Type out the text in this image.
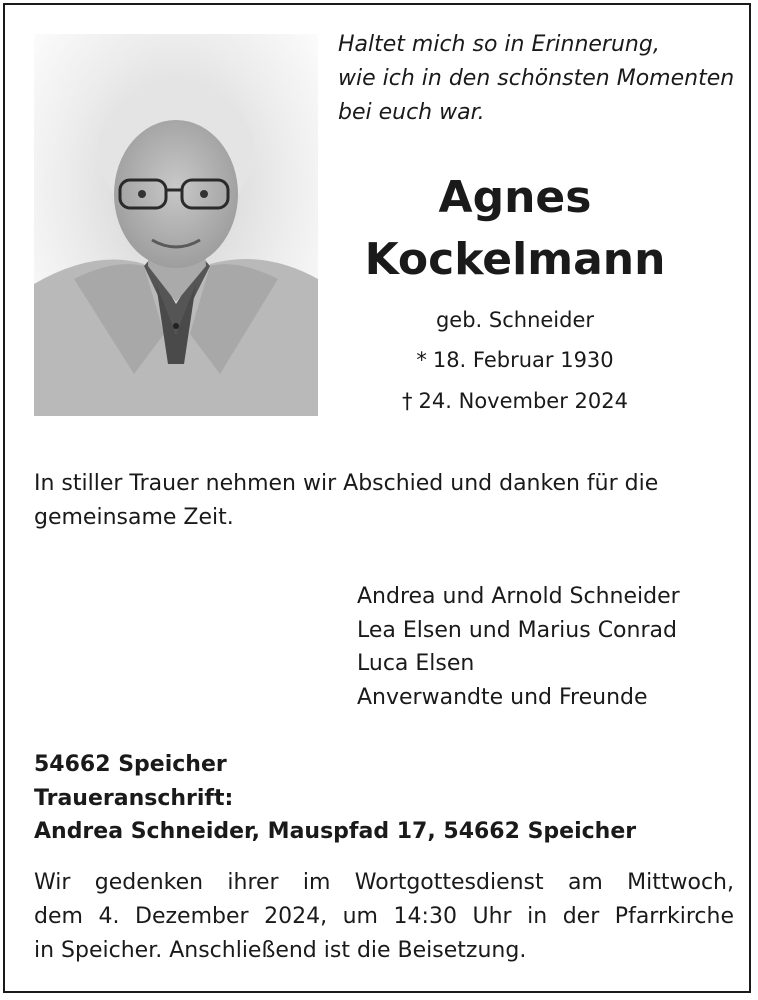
Haltet mich so in Erinnerung,
wie ich in den schönsten Momenten
bei euch war.

Agnes
Kockelmann

geb. Schneider

* 18. Februar 1930

† 24. November 2024

In stiller Trauer nehmen wir Abschied und danken für die gemeinsame Zeit.

Andrea und Arnold Schneider
Lea Elsen und Marius Conrad
Luca Elsen
Anverwandte und Freunde
54662 Speicher
Traueranschrift:
Andrea Schneider, Mauspfad 17, 54662 Speicher

Wir gedenken ihrer im Wortgottesdienst am Mittwoch,
dem 4. Dezember 2024, um 14:30 Uhr in der Pfarrkirche
in Speicher. Anschließend ist die Beisetzung.
